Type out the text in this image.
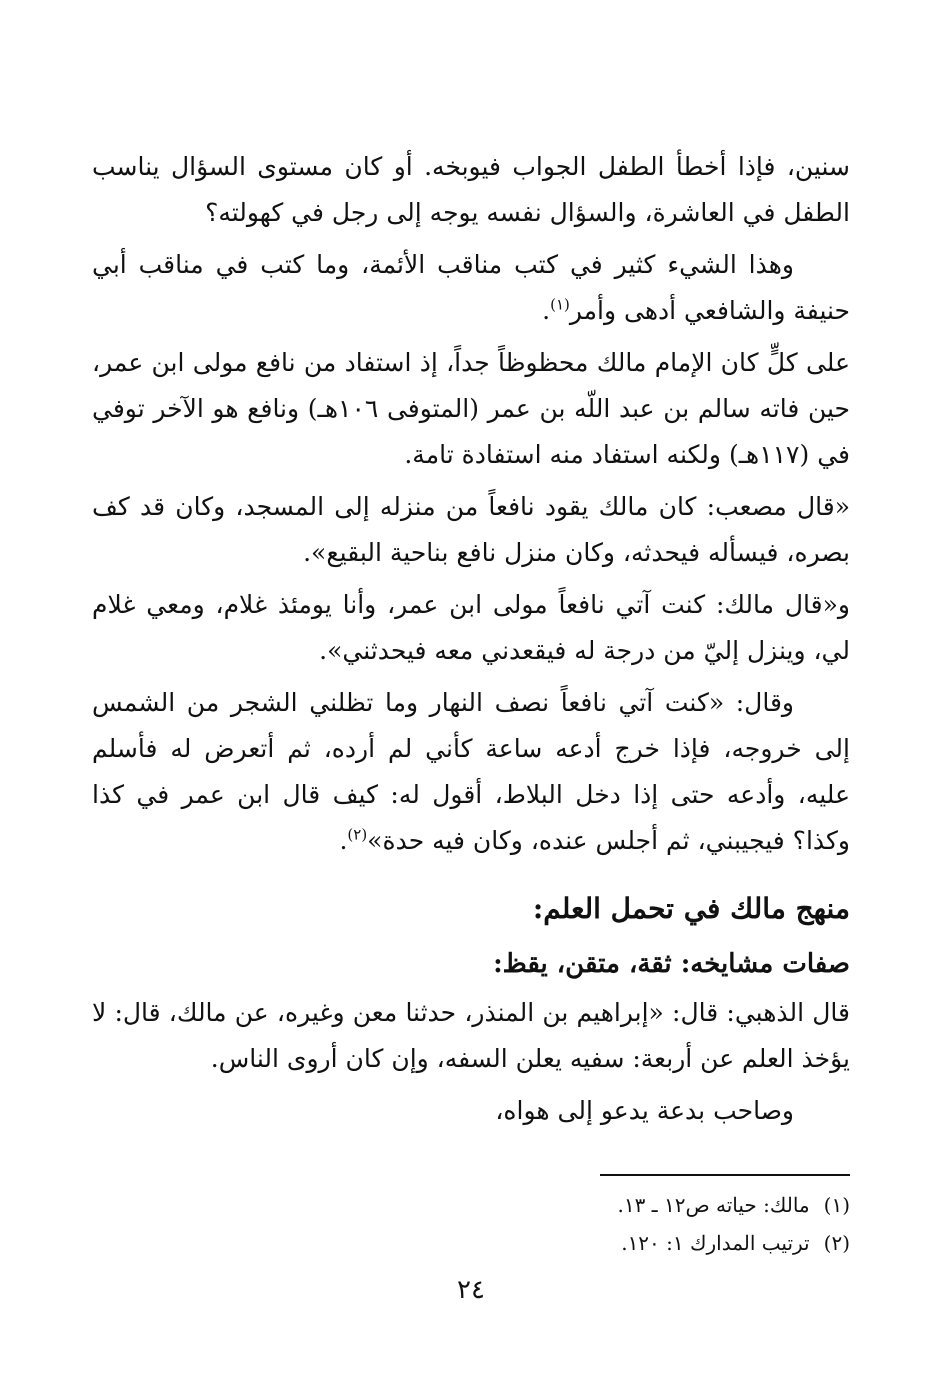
سنين، فإذا أخطأ الطفل الجواب فيوبخه. أو كان مستوى السؤال يناسب الطفل في العاشرة، والسؤال نفسه يوجه إلى رجل في كهولته؟

وهذا الشيء كثير في كتب مناقب الأئمة، وما كتب في مناقب أبي حنيفة والشافعي أدهى وأمر$^{(١)}$.

على كلٍّ كان الإمام مالك محظوظاً جداً، إذ استفاد من نافع مولى ابن عمر، حين فاته سالم بن عبد اللّه بن عمر (المتوفى ١٠٦هـ) ونافع هو الآخر توفي في (١١٧هـ) ولكنه استفاد منه استفادة تامة.

«قال مصعب: كان مالك يقود نافعاً من منزله إلى المسجد، وكان قد كف بصره، فيسأله فيحدثه، وكان منزل نافع بناحية البقيع».

و«قال مالك: كنت آتي نافعاً مولى ابن عمر، وأنا يومئذ غلام، ومعي غلام لي، وينزل إليّ من درجة له فيقعدني معه فيحدثني».

وقال: «كنت آتي نافعاً نصف النهار وما تظلني الشجر من الشمس إلى خروجه، فإذا خرج أدعه ساعة كأني لم أرده، ثم أتعرض له فأسلم عليه، وأدعه حتى إذا دخل البلاط، أقول له: كيف قال ابن عمر في كذا وكذا؟ فيجيبني، ثم أجلس عنده، وكان فيه حدة»$^{(٢)}$.

منهج مالك في تحمل العلم:
صفات مشايخه: ثقة، متقن، يقظ:

قال الذهبي: قال: «إبراهيم بن المنذر، حدثنا معن وغيره، عن مالك، قال: لا يؤخذ العلم عن أربعة: سفيه يعلن السفه، وإن كان أروى الناس.

وصاحب بدعة يدعو إلى هواه،

(١)مالك: حياته ص١٢ ـ ١٣.

(٢)ترتيب المدارك ١: ١٢٠.

٢٤
